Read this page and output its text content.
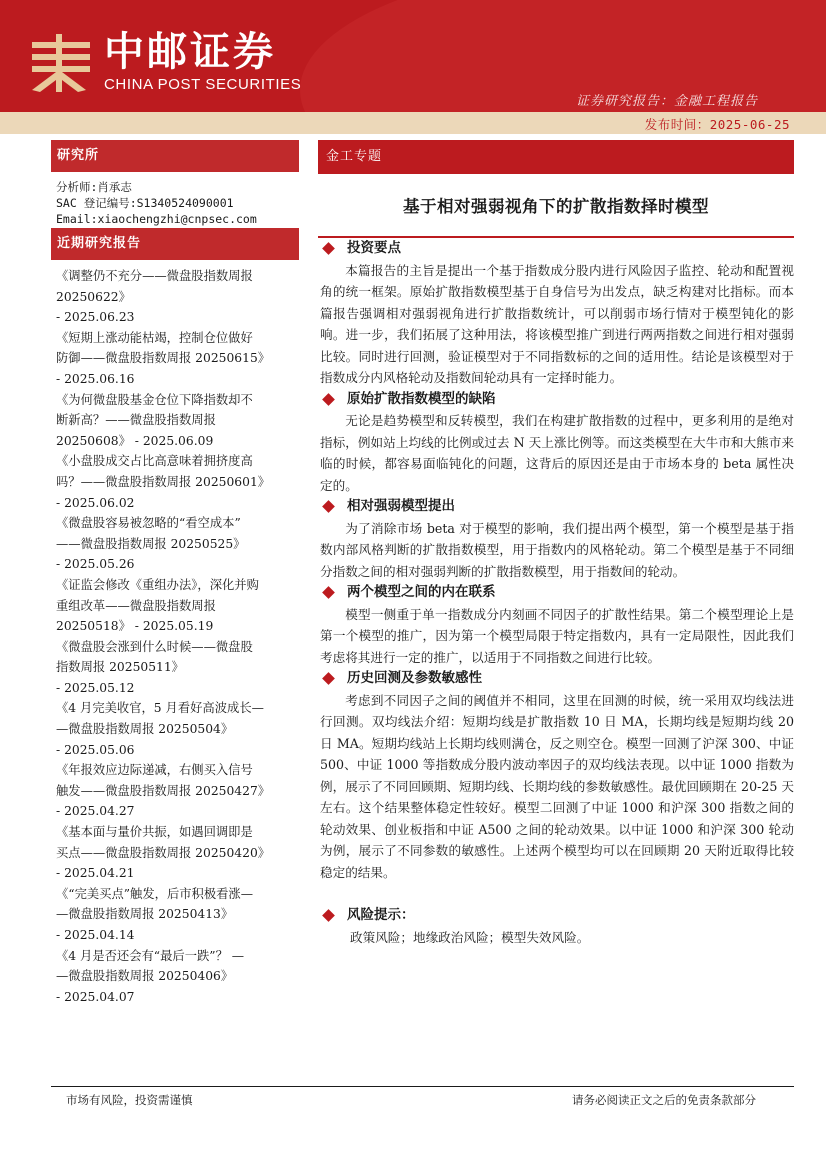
中邮证券
CHINA POST SECURITIES
证券研究报告：金融工程报告
发布时间：2025-06-25
研究所
分析师:肖承志
SAC 登记编号:S1340524090001
Email:xiaochengzhi@cnpsec.com
近期研究报告

《调整仍不充分——微盘股指数周报

20250622》

- 2025.06.23

《短期上涨动能枯竭，控制仓位做好

防御——微盘股指数周报 20250615》

- 2025.06.16

《为何微盘股基金仓位下降指数却不

断新高？——微盘股指数周报

20250608》 - 2025.06.09

《小盘股成交占比高意味着拥挤度高

吗？——微盘股指数周报 20250601》

- 2025.06.02

《微盘股容易被忽略的“看空成本”

——微盘股指数周报 20250525》

- 2025.05.26

《证监会修改《重组办法》，深化并购

重组改革——微盘股指数周报

20250518》 - 2025.05.19

《微盘股会涨到什么时候——微盘股

指数周报 20250511》

- 2025.05.12

《4 月完美收官，5 月看好高波成长—

—微盘股指数周报 20250504》

- 2025.05.06

《年报效应边际递减，右侧买入信号

触发——微盘股指数周报 20250427》

- 2025.04.27

《基本面与量价共振，如遇回调即是

买点——微盘股指数周报 20250420》

- 2025.04.21

《“完美买点”触发，后市积极看涨—

—微盘股指数周报 20250413》

- 2025.04.14

《4 月是否还会有“最后一跌”？ —

—微盘股指数周报 20250406》

- 2025.04.07

金工专题
基于相对强弱视角下的扩散指数择时模型
投资要点

本篇报告的主旨是提出一个基于指数成分股内进行风险因子监控、轮动和配置视角的统一框架。原始扩散指数模型基于自身信号为出发点，缺乏构建对比指标。而本篇报告强调相对强弱视角进行扩散指数统计，可以削弱市场行情对于模型钝化的影响。进一步，我们拓展了这种用法，将该模型推广到进行两两指数之间进行相对强弱比较。同时进行回测，验证模型对于不同指数标的之间的适用性。结论是该模型对于指数成分内风格轮动及指数间轮动具有一定择时能力。

原始扩散指数模型的缺陷

无论是趋势模型和反转模型，我们在构建扩散指数的过程中，更多利用的是绝对指标，例如站上均线的比例或过去 N 天上涨比例等。而这类模型在大牛市和大熊市来临的时候，都容易面临钝化的问题，这背后的原因还是由于市场本身的 beta 属性决定的。

相对强弱模型提出

为了消除市场 beta 对于模型的影响，我们提出两个模型，第一个模型是基于指数内部风格判断的扩散指数模型，用于指数内的风格轮动。第二个模型是基于不同细分指数之间的相对强弱判断的扩散指数模型，用于指数间的轮动。

两个模型之间的内在联系

模型一侧重于单一指数成分内刻画不同因子的扩散性结果。第二个模型理论上是第一个模型的推广，因为第一个模型局限于特定指数内，具有一定局限性，因此我们考虑将其进行一定的推广，以适用于不同指数之间进行比较。

历史回测及参数敏感性

考虑到不同因子之间的阈值并不相同，这里在回测的时候，统一采用双均线法进行回测。双均线法介绍：短期均线是扩散指数 10 日 MA，长期均线是短期均线 20 日 MA。短期均线站上长期均线则满仓，反之则空仓。模型一回测了沪深 300、中证 500、中证 1000 等指数成分股内波动率因子的双均线法表现。以中证 1000 指数为例，展示了不同回顾期、短期均线、长期均线的参数敏感性。最优回顾期在 20-25 天左右。这个结果整体稳定性较好。模型二回测了中证 1000 和沪深 300 指数之间的轮动效果、创业板指和中证 A500 之间的轮动效果。以中证 1000 和沪深 300 轮动为例，展示了不同参数的敏感性。上述两个模型均可以在回顾期 20 天附近取得比较稳定的结果。

风险提示：

政策风险；地缘政治风险；模型失效风险。

市场有风险，投资需谨慎	请务必阅读正文之后的免责条款部分
